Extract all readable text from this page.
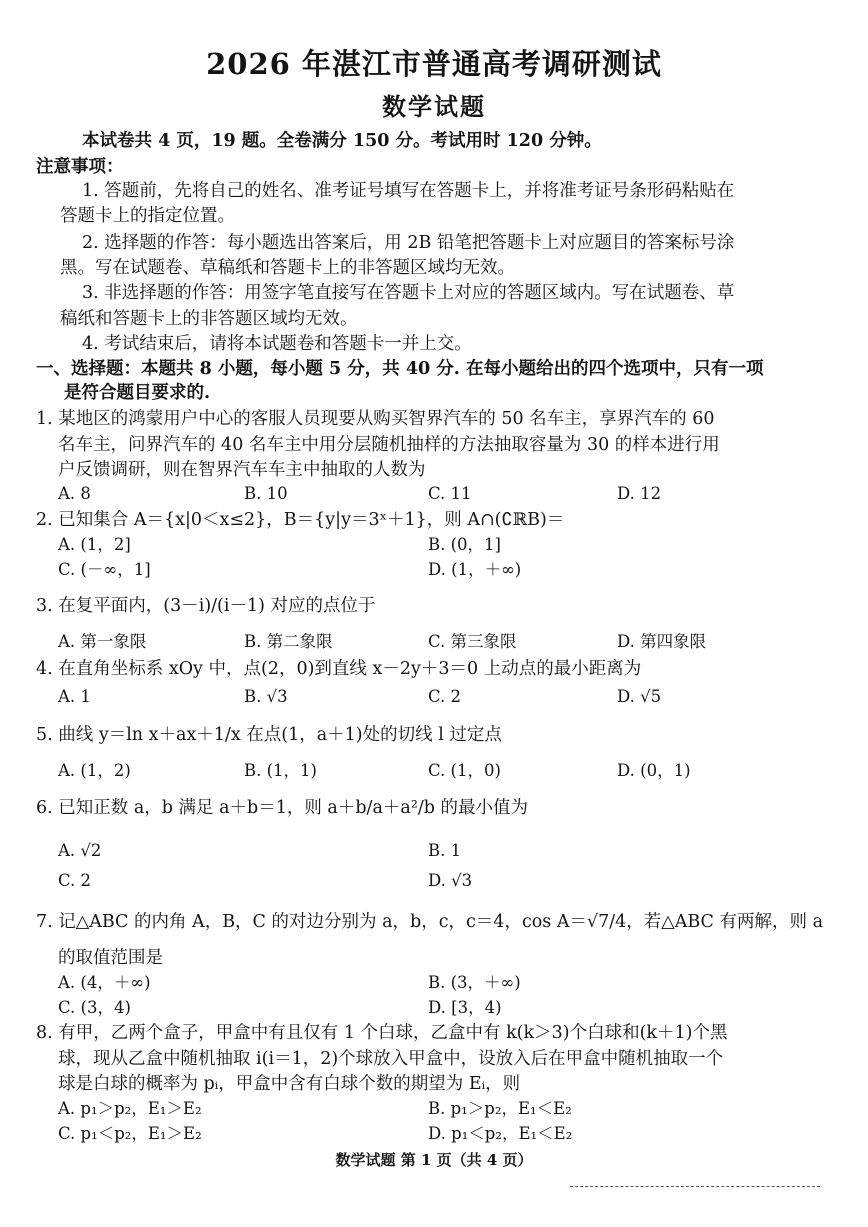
2026 年湛江市普通高考调研测试
数学试题
本试卷共 4 页，19 题。全卷满分 150 分。考试用时 120 分钟。
注意事项：
1. 答题前，先将自己的姓名、准考证号填写在答题卡上，并将准考证号条形码粘贴在
答题卡上的指定位置。
2. 选择题的作答：每小题选出答案后，用 2B 铅笔把答题卡上对应题目的答案标号涂
黑。写在试题卷、草稿纸和答题卡上的非答题区域均无效。
3. 非选择题的作答：用签字笔直接写在答题卡上对应的答题区域内。写在试题卷、草
稿纸和答题卡上的非答题区域均无效。
4. 考试结束后，请将本试题卷和答题卡一并上交。
一、选择题：本题共 8 小题，每小题 5 分，共 40 分. 在每小题给出的四个选项中，只有一项
是符合题目要求的.
1. 某地区的鸿蒙用户中心的客服人员现要从购买智界汽车的 50 名车主，享界汽车的 60
名车主，问界汽车的 40 名车主中用分层随机抽样的方法抽取容量为 30 的样本进行用
户反馈调研，则在智界汽车车主中抽取的人数为
A. 8	B. 10	C. 11	D. 12
2. 已知集合 A＝{x|0＜x≤2}，B＝{y|y＝3ˣ＋1}，则 A∩(∁ℝB)＝
A. (1，2]	B. (0，1]
C. (－∞，1]	D. (1，＋∞)
3. 在复平面内，(3－i)/(i－1) 对应的点位于
A. 第一象限	B. 第二象限	C. 第三象限	D. 第四象限
4. 在直角坐标系 xOy 中，点(2，0)到直线 x－2y＋3＝0 上动点的最小距离为
A. 1	B. √3	C. 2	D. √5
5. 曲线 y＝ln x＋ax＋1/x 在点(1，a＋1)处的切线 l 过定点
A. (1，2)	B. (1，1)	C. (1，0)	D. (0，1)
6. 已知正数 a，b 满足 a＋b＝1，则 a＋b/a＋a²/b 的最小值为
A. √2	B. 1
C. 2	D. √3
7. 记△ABC 的内角 A，B，C 的对边分别为 a，b，c，c＝4，cos A＝√7/4，若△ABC 有两解，则 a
的取值范围是
A. (4，＋∞)	B. (3，＋∞)
C. (3，4)	D. [3，4)
8. 有甲，乙两个盒子，甲盒中有且仅有 1 个白球，乙盒中有 k(k＞3)个白球和(k＋1)个黑
球，现从乙盒中随机抽取 i(i＝1，2)个球放入甲盒中，设放入后在甲盒中随机抽取一个
球是白球的概率为 pᵢ，甲盒中含有白球个数的期望为 Eᵢ，则
A. p₁＞p₂，E₁＞E₂	B. p₁＞p₂，E₁＜E₂
C. p₁＜p₂，E₁＞E₂	D. p₁＜p₂，E₁＜E₂
数学试题 第 1 页（共 4 页）
